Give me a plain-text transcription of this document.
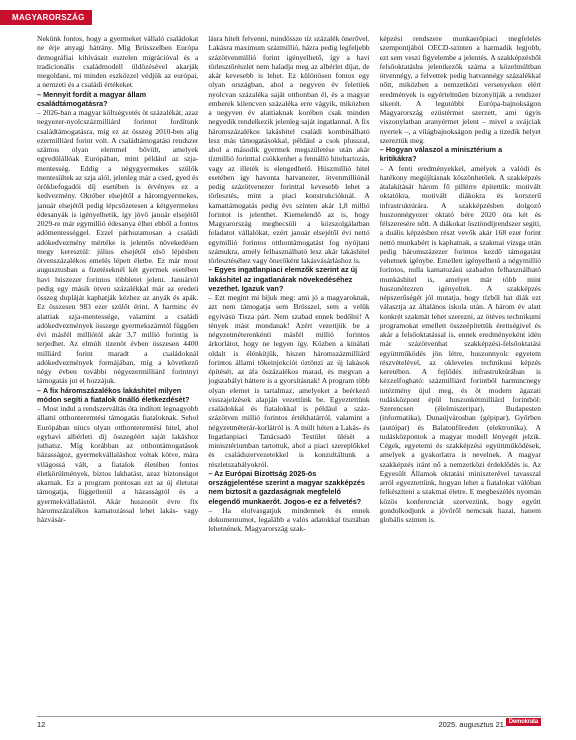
MAGYARORSZÁG

Nekünk fontos, hogy a gyermeket vállaló családokat ne érje anyagi hátrány. Míg Brüsszelben Európa demográfiai kihívásait esztelen migrációval és a tradicionális családmodell üldözésével akarják megoldani, mi minden eszközzel védjük az európai, a nemzeti és a családi értékeket.

– Mennyit fordít a magyar állam családtámogatásra?

– 2026-ban a magyar költségvetés öt százalékát, azaz negyezer-nyolcszázmilliárd forintot fordítunk családtámogatásra, míg ez az összeg 2010-ben alig ezermilliárd forint volt. A családtámogatási rendszer számos olyan elemmel bővült, amelyek egyedülállóak Európában, mint például az szja-mentesség. Eddig a négygyermekes szülők mentesültek az szja alól, jelenleg már a csed, gyed és örökbefogadói díj esetében is érvényes ez a kedvezmény. Október elsejétől a háromgyermekes, január elsejétől pedig lépcsőzetesen a kétgyermekes édesanyák is igényelhetik, így jövő január elsejétől 2029-re már egymillió édesanya élhet ebből a fontos adómentességgel. Ezzel párhuzamosan a családi adókedvezmény mértéke is jelentős növekedésen megy keresztül: július elsejétől első lépésben ötvenszázalékos emelés lépett életbe. Ez már most augusztusban a fizetéseknél két gyermek esetében havi húszezer forintos többletet jelent. Januártól pedig egy másik ötven százalékkal már az eredeti összeg dupláját kaphatják kézhez az anyák és apák. Ez összesen 983 ezer szülőt érint. A harminc év alattiak szja-mentessége, valamint a családi adókedvezmények összege gyermekszámtól függően évi másfél milliótól akár 3,7 millió forintig is terjedhet. Az elmúlt tizenöt évben összesen 4400 milliárd forint maradt a családoknál adókedvezmények formájában, míg a következő négy évben további négyezermilliárd forintnyi támogatás jut el hozzájuk.

– A fix háromszázalékos lakáshitel milyen módon segíti a fiatalok önálló életkezdését?

– Most indul a rendszerváltás óta indított legnagyobb állami otthonteremtési támogatás fiataloknak. Sehol Európában nincs olyan otthonteremtési hitel, ahol egyhavi albérleti díj összegéért saját lakáshoz juthatsz. Míg korábban az otthontámogatások házasságoz, gyermekvállaláshoz voltak kötve, mára világossá vált, a fiatalok életében fontos életkörülmények, biztos lakhatást, azaz biztonságot akarnak. Ez a program pontosan ezt az új életutat támogatja, függetlenül a házasságtól és a gyermekvállalástól. Akár huszonöt évre fix háromszázalékos kamatozással lehet lakás- vagy házvásár-

lásra hitelt felvenni, mindössze tíz százalék önerővel. Lakásra maximum százmillió, házra pedig legfeljebb százötvenmillió forint igényelhető, így a havi törlesztőrészlet nem haladja meg az albérlet díjat, de akár kevesebb is lehet. Ez különösen fontos egy olyan országban, ahol a negyven év felettiek nyolcvan százaléka saját otthonban él, és a magyar emberek kilencven százaléka erre vágyik, miközben a negyven év alattiaknak korében csak minden negyedik rendelkezik jelenleg saját ingatlannal. A fix háromszázalékos lakáshitel családi kombinálható lesz más támogatásokkal, például a csok plusszal, ahol a második gyermek megszületése után akár tízmillió forinttal csökkenhet a fennálló hiteltartozás, vagy az illeték is elengedhető. Húszmillió hitel esetében így havonta hatvanezer, ötvenmilliónál pedig százötvenezer forinttal kevesebb lehet a törlesztés, mint a piaci konstrukcióknál. A kamattámogatás pedig évs szinten akár 1,8 millió forintot is jelenthet. Kiemelendő az is, hogy Magyarország megbecsüli a közszolgálatban feladatot vállalókat, ezért január elsejétől évi nettó egymillió forintos otthontámogatást fog nyújtani számukra, amely felhasználható lesz akár lakáshitel törlesztéséhez vagy önerőként lakásvásárláshoz is.

– Egyes ingatlanpiaci elemzők szerint az új lakáshitel az ingatlanárak növekedéséhez vezethet. Igazuk van?

– Ezt megint mi bíjuk meg: ami jó a magyaroknak, azt nem támogatja sem Brüsszel, sem a velük egyívású Tisza párt. Nem szabad ennek bedőlni! A tények mást mondanak! Azért vezettjük be a négyzetméterenkénti másfél millió forintos árkorlátot, hogy ne legyen így. Közben a kínálati oldalt is élénkítjük, hiszen háromszázmilliárd forintos állami tőkeinjekciót öztönzi az új lakások építését, az áfa öszázalékos marad, és megvan a jogszabályi háttere is a gyorsításnak! A program több olyan elemet is tartalmaz, amelyeket a beérkező visszajelzések alapján vezettünk be. Egyeztettünk családokkal és fiatalokkal is például a száz-százötven millió forintos értékhatárról, valamint a négyzetméterár-korlátról is. A múlt héten a Lakás- és Ingatlanpiaci Tanácsadó Testület ülését a minisztériumban tartottuk, ahol a piaci szereplőkkel és családszervezetekkel is konzultáltunk a részletszabályokról.

– Az Európai Bizottság 2025-ös országjelentése szerint a magyar szakképzés nem biztosít a gazdaságnak megfelelő elegendő munkaerőt. Jogos-e ez a felvetés?

– Ha elolvasgatjuk mindennek és ennek dokumentumot, legalább a valós adatokkal tisztában lehetnének. Magyarország szak-

képzési rendszere munkaerőpiaci megfelelés szempontjából OECD-szinten a harmadik legjobb, ezt sem veszi figyelembe a jelentés. A szakképzésből felsőoktatásba jelentkezők száma a közelmúltban ötvennégy, a felvettek pedig hatvannégy százalékkal nőtt, miközben a nemzetközi versenyeken elért eredmények is egyértelműen bizonyítják a rendszer sikerét. A legutóbbi Európa-bajnokságon Magyarország ezüstérmet szerzett, ami úgyis viszonylatban aranyérmet jelent – mivel a svájciak nyertek –, a világbajnokságon pedig a tizedik helyet szereztük meg.

– Hogyan válaszol a minisztérium a kritikákra?

– A fenti eredményekkel, amelyek a valódi és hatékony megújításnak köszönhetőek. A szakképzés átalakítását három fő pillérre építettük: motivált oktatókra, motivált diákokra és korszerű infrastruktúrára. A szakképzésben dolgozó huszonnégyezer oktató bére 2020 óta két és félszeresére nőtt. A diákokat ösztöndíjrendszer segíti, a duális képzésben részt vevők akár 168 ezer forint nettó munkabért is kaphatnak, a szakmai vizsga után pedig háromszázezer forintos kezdő támogatást vehetnek igénybe. Emellett igényelhető a négymillió forintos, nulla kamatozású szabadon felhasználható munkáshitel is, amelyet már több mint huszonötezren igényeltek. A szakképzés népszerűségét jól mutatja, hogy tízből hat diák ezt választja az általános iskola után. A három év alatt konkrét szakmát lehet szerezni, az ötéves technikumi programokat emellett összeépítettük érettségivel és akár a felsőoktatással is, ennek eredményeként idén már százötvenhat szakképzési-felsőoktatási együttműködés jön létre, huszonnyolc egyetem részvételével, az okleveles technikusi képzés keretében. A fejlődés infrastruktúrában is kézzelfogható: százmilliárd forintból harmincnegy intézmény újul meg, és öt modern ágazati tudásközpont épül huszonkétmilliárd forintból: Szerencsen (élelmiszeripar), Budapesten (informatika), Dunaújvárosban (gépipar), Győrben (autóipar) és Balatonfűreden (elektronika). A tudásközpontok a magyar modell lényegét jelzik. Cégek, egyetemi és szakképzési együttműködések, amelyek a gyakorlatra is nevelnek. A magyar szakképzés iránt nő a nemzetközi érdeklődés is. Az Egyesült Államok oktatási miniszterével tavasszal arról egyeztettünk, hogyan lehet a fiatalokat válóban felkészíteni a szakmai életre. E megbeszélés nyomán közös konferenciát szervezünk, hogy együtt gondolkodjunk a jövőről nemcsak hazai, hanem globális szinten is.

12	2025. augusztus 21. Demokrata
